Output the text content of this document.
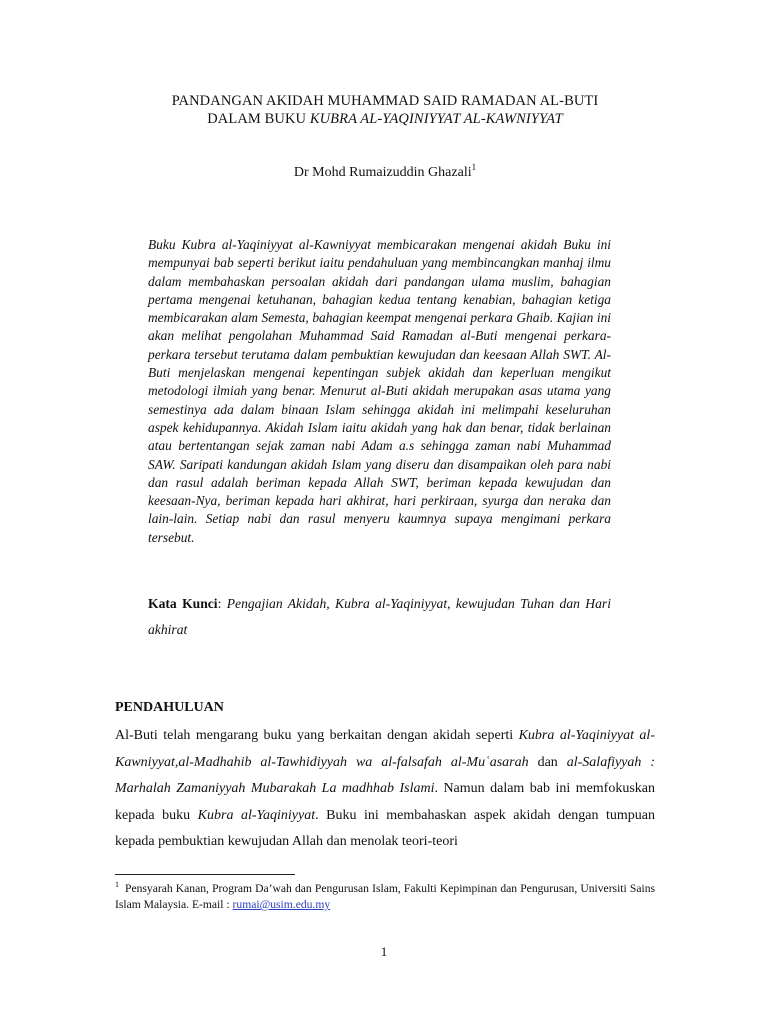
PANDANGAN AKIDAH MUHAMMAD SAID RAMADAN AL-BUTI
DALAM BUKU KUBRA AL-YAQINIYYAT AL-KAWNIYYAT
Dr Mohd Rumaizuddin Ghazali$^1$
Buku Kubra al-Yaqiniyyat al-Kawniyyat membicarakan mengenai akidah Buku ini mempunyai bab seperti berikut iaitu pendahuluan yang membincangkan manhaj ilmu dalam membahaskan persoalan akidah dari pandangan ulama muslim, bahagian pertama mengenai ketuhanan, bahagian kedua tentang kenabian, bahagian ketiga membicarakan alam Semesta, bahagian keempat mengenai perkara Ghaib. Kajian ini akan melihat pengolahan Muhammad Said Ramadan al-Buti mengenai perkara-perkara tersebut terutama dalam pembuktian kewujudan dan keesaan Allah SWT. Al-Buti menjelaskan mengenai kepentingan subjek akidah dan keperluan mengikut metodologi ilmiah yang benar. Menurut al-Buti akidah merupakan asas utama yang semestinya ada dalam binaan Islam sehingga akidah ini melimpahi keseluruhan aspek kehidupannya. Akidah Islam iaitu akidah yang hak dan benar, tidak berlainan atau bertentangan sejak zaman nabi Adam a.s sehingga zaman nabi Muhammad SAW. Saripati kandungan akidah Islam yang diseru dan disampaikan oleh para nabi dan rasul adalah beriman kepada Allah SWT, beriman kepada kewujudan dan keesaan-Nya, beriman kepada hari akhirat, hari perkiraan, syurga dan neraka dan lain-lain. Setiap nabi dan rasul menyeru kaumnya supaya mengimani perkara tersebut.
Kata Kunci: Pengajian Akidah, Kubra al-Yaqiniyyat, kewujudan Tuhan dan Hari akhirat
PENDAHULUAN
Al-Buti telah mengarang buku yang berkaitan dengan akidah seperti Kubra al-Yaqiniyyat al-Kawniyyat,al-Madhahib al-Tawhidiyyah wa al-falsafah al-Muʿasarah dan al-Salafiyyah : Marhalah Zamaniyyah Mubarakah La madhhab Islami. Namun dalam bab ini memfokuskan kepada buku Kubra al-Yaqiniyyat. Buku ini membahaskan aspek akidah dengan tumpuan kepada pembuktian kewujudan Allah dan menolak teori-teori
$^1$ Pensyarah Kanan, Program Da’wah dan Pengurusan Islam, Fakulti Kepimpinan dan Pengurusan, Universiti Sains Islam Malaysia. E-mail : rumai@usim.edu.my
1
